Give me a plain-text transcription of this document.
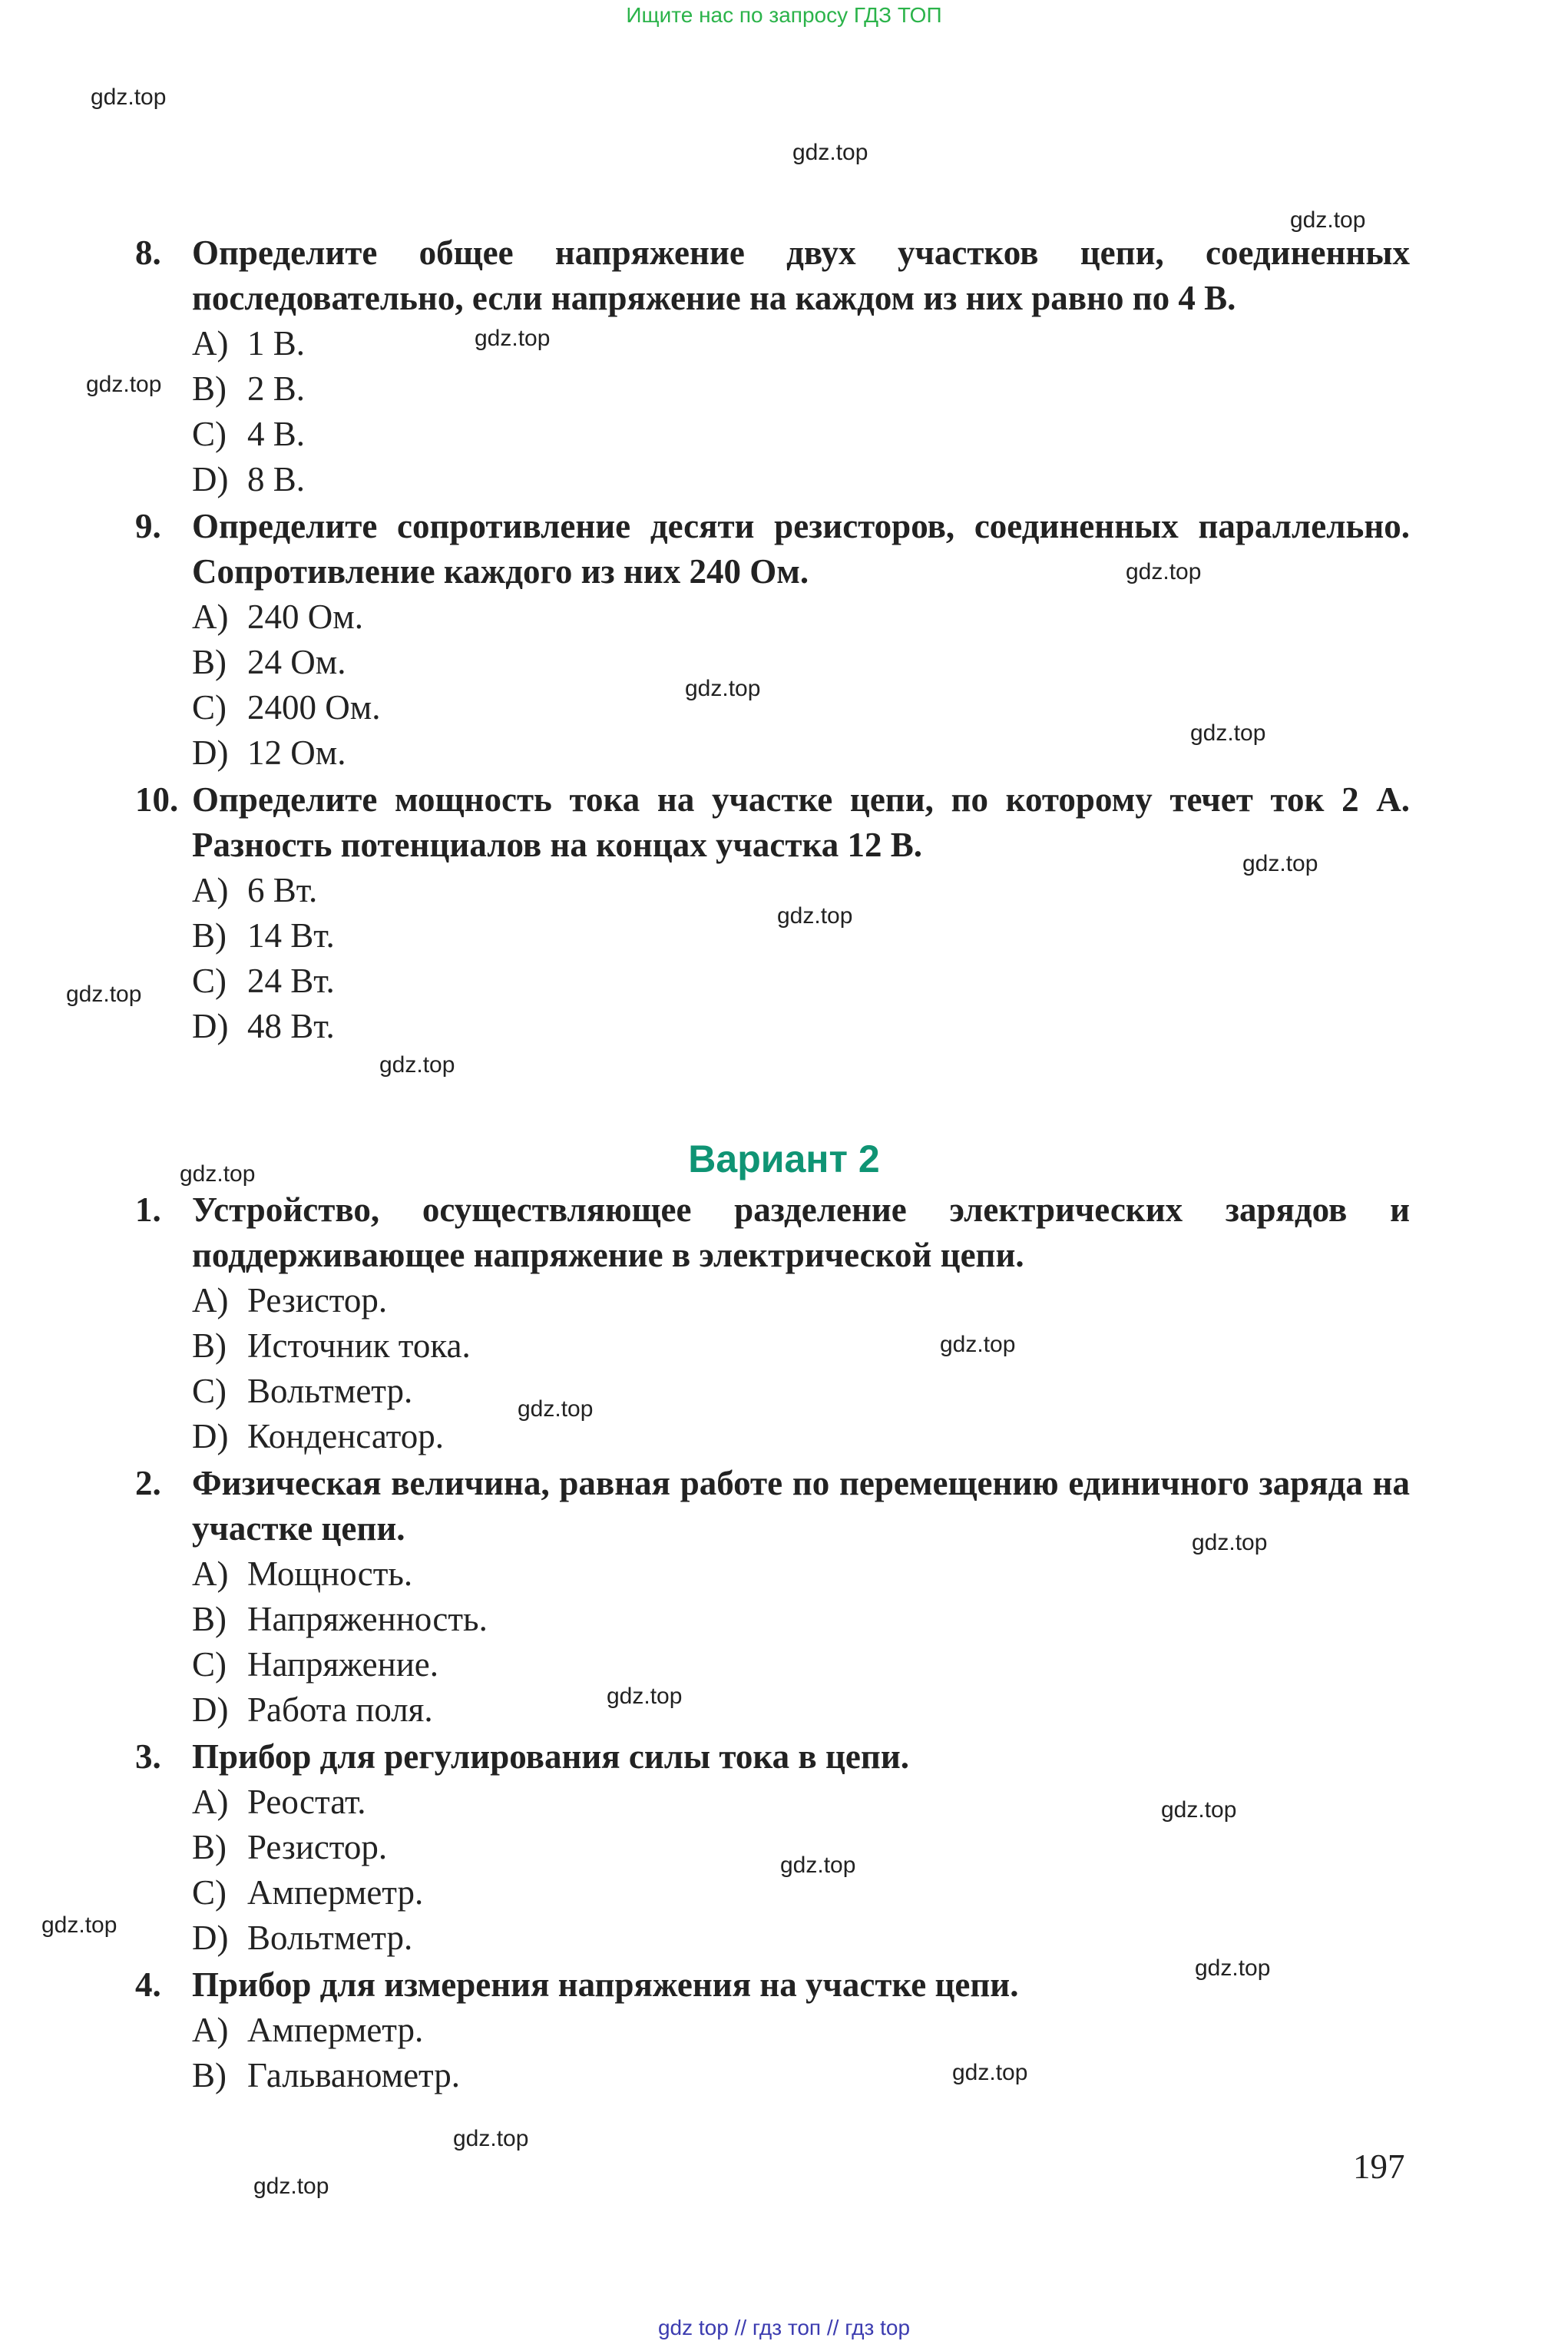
Ищите нас по запросу ГДЗ ТОП
gdz.top
gdz.top
gdz.top
gdz.top
gdz.top
gdz.top
gdz.top
gdz.top
gdz.top
gdz.top
gdz.top
gdz.top
gdz.top
gdz.top
gdz.top
gdz.top
gdz.top
gdz.top
gdz.top
gdz.top
gdz.top
gdz.top
gdz.top
gdz.top
8. Определите общее напряжение двух участков цепи, соединенных последовательно, если напряжение на каждом из них равно по 4 В.
A) 1 В.
B) 2 В.
C) 4 В.
D) 8 В.
9. Определите сопротивление десяти резисторов, соединенных параллельно. Сопротивление каждого из них 240 Ом.
A) 240 Ом.
B) 24 Ом.
C) 2400 Ом.
D) 12 Ом.
10. Определите мощность тока на участке цепи, по которому течет ток 2 А. Разность потенциалов на концах участка 12 В.
A) 6 Вт.
B) 14 Вт.
C) 24 Вт.
D) 48 Вт.
Вариант 2
1. Устройство, осуществляющее разделение электрических зарядов и поддерживающее напряжение в электрической цепи.
A) Резистор.
B) Источник тока.
C) Вольтметр.
D) Конденсатор.
2. Физическая величина, равная работе по перемещению единичного заряда на участке цепи.
A) Мощность.
B) Напряженность.
C) Напряжение.
D) Работа поля.
3. Прибор для регулирования силы тока в цепи.
A) Реостат.
B) Резистор.
C) Амперметр.
D) Вольтметр.
4. Прибор для измерения напряжения на участке цепи.
A) Амперметр.
B) Гальванометр.
197
gdz top // гдз топ // гдз top
